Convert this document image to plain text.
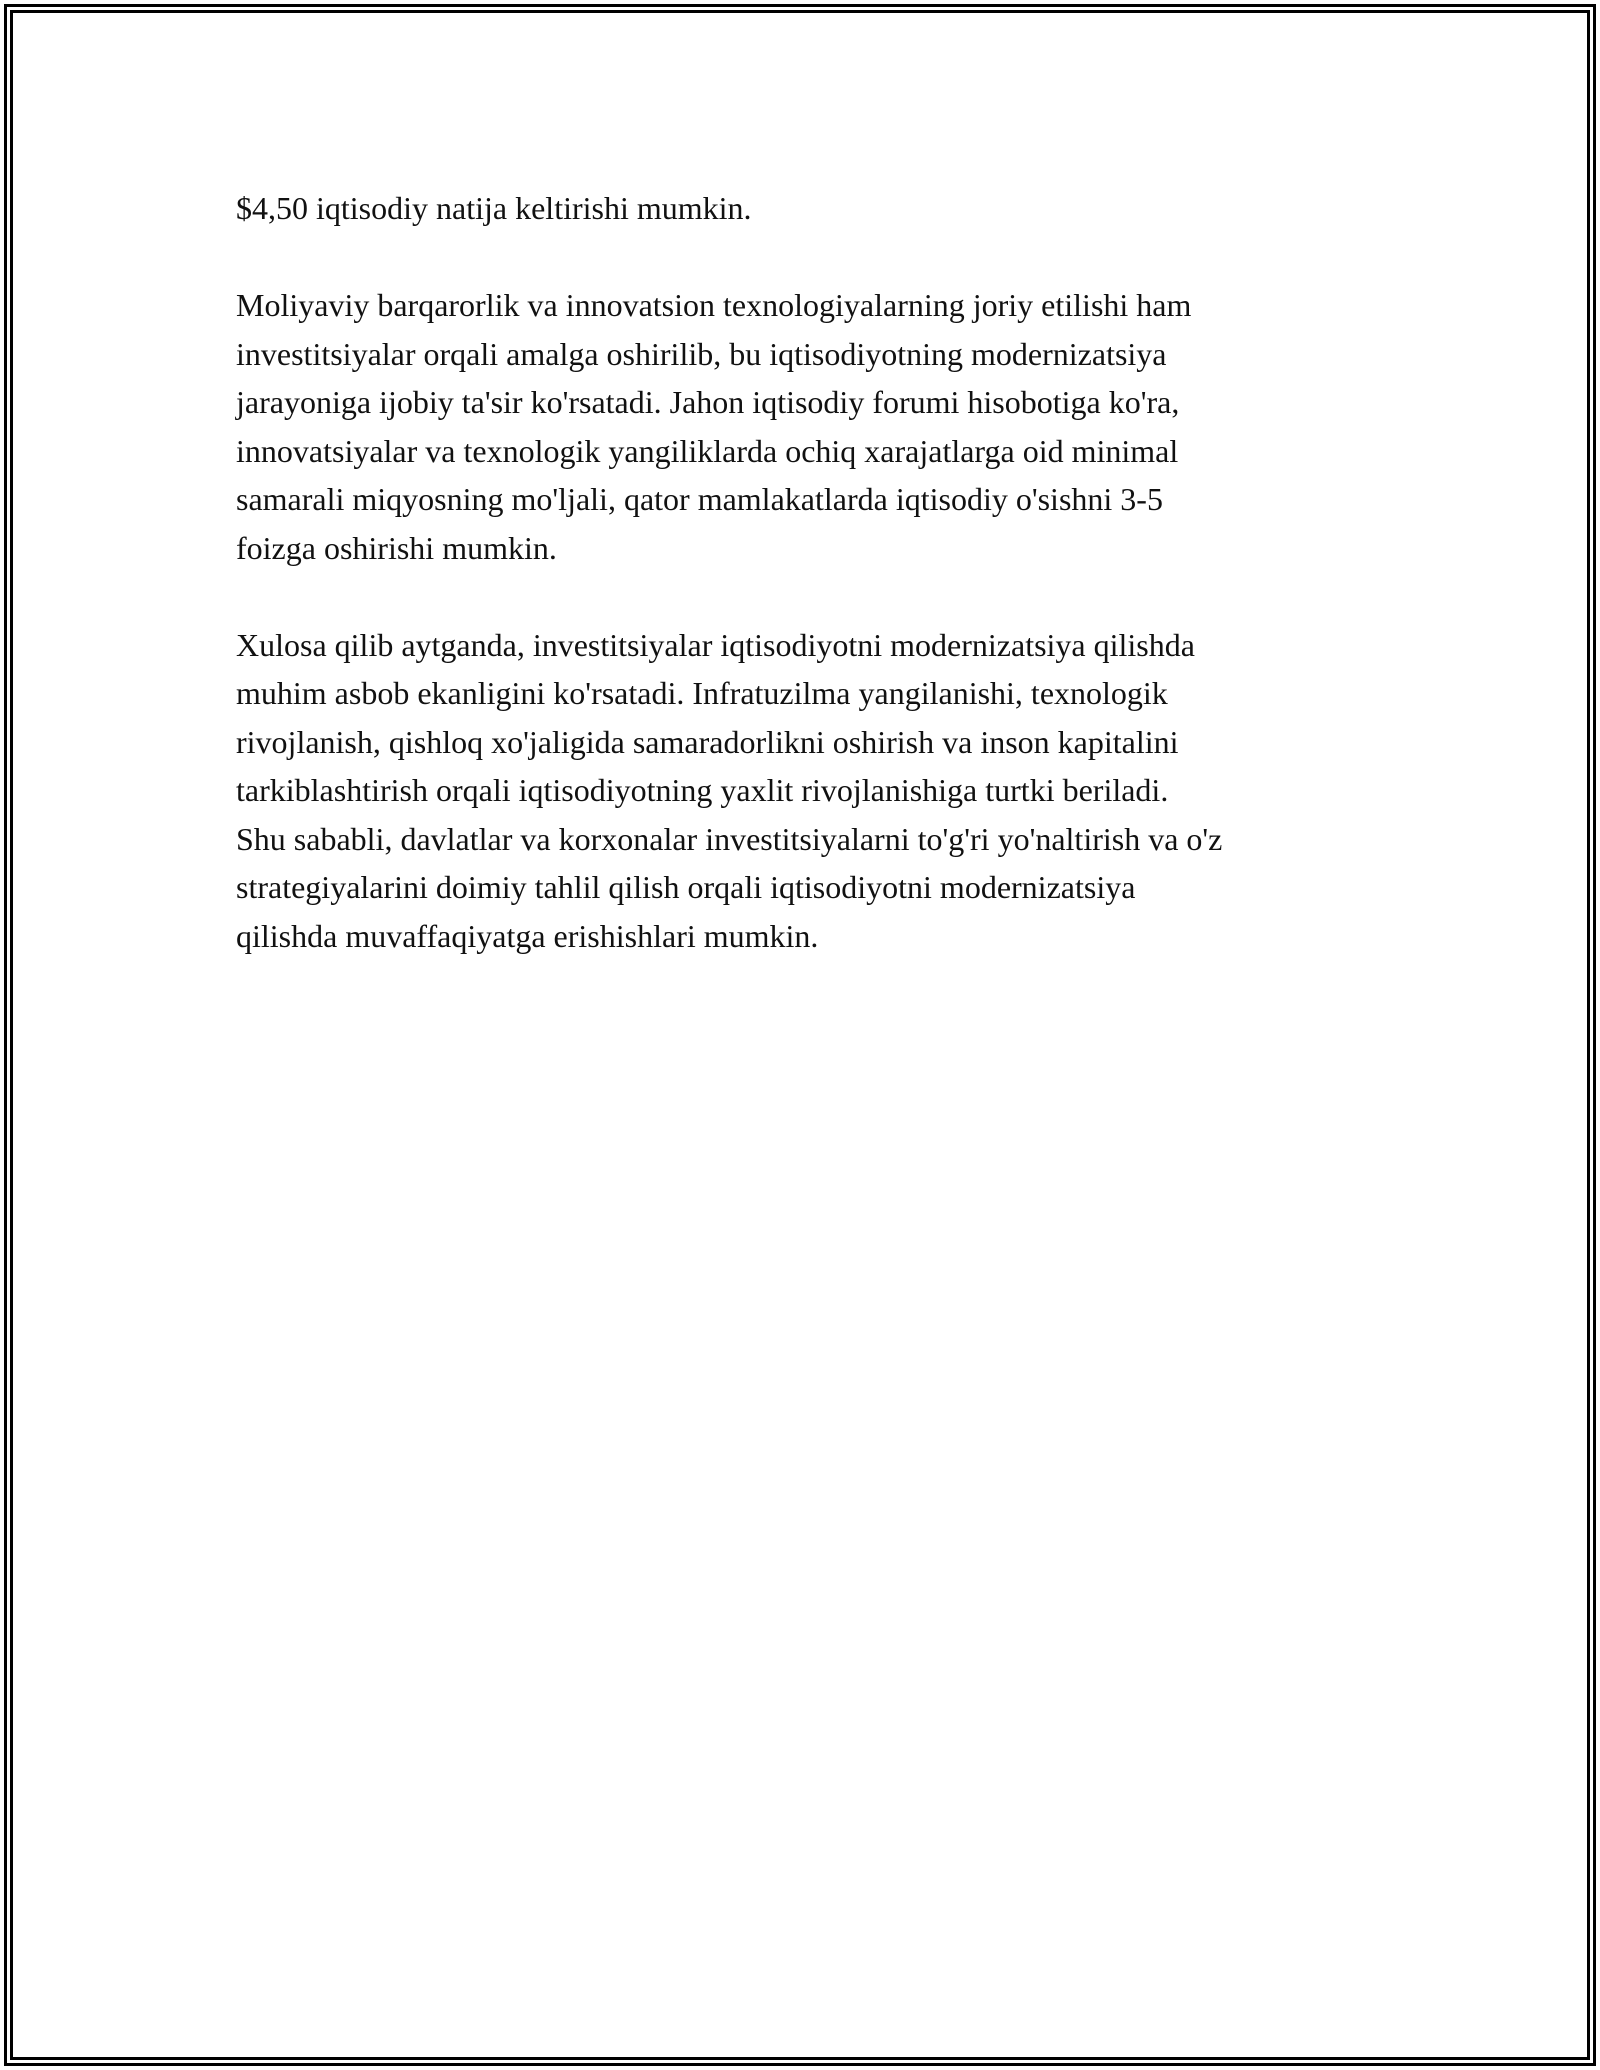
$4,50 iqtisodiy natija keltirishi mumkin.

Moliyaviy barqarorlik va innovatsion texnologiyalarning joriy etilishi ham
investitsiyalar orqali amalga oshirilib, bu iqtisodiyotning modernizatsiya
jarayoniga ijobiy ta'sir ko'rsatadi. Jahon iqtisodiy forumi hisobotiga ko'ra,
innovatsiyalar va texnologik yangiliklarda ochiq xarajatlarga oid minimal
samarali miqyosning mo'ljali, qator mamlakatlarda iqtisodiy o'sishni 3-5
foizga oshirishi mumkin.

Xulosa qilib aytganda, investitsiyalar iqtisodiyotni modernizatsiya qilishda
muhim asbob ekanligini ko'rsatadi. Infratuzilma yangilanishi, texnologik
rivojlanish, qishloq xo'jaligida samaradorlikni oshirish va inson kapitalini
tarkiblashtirish orqali iqtisodiyotning yaxlit rivojlanishiga turtki beriladi.
Shu sababli, davlatlar va korxonalar investitsiyalarni to'g'ri yo'naltirish va o'z
strategiyalarini doimiy tahlil qilish orqali iqtisodiyotni modernizatsiya
qilishda muvaffaqiyatga erishishlari mumkin.
